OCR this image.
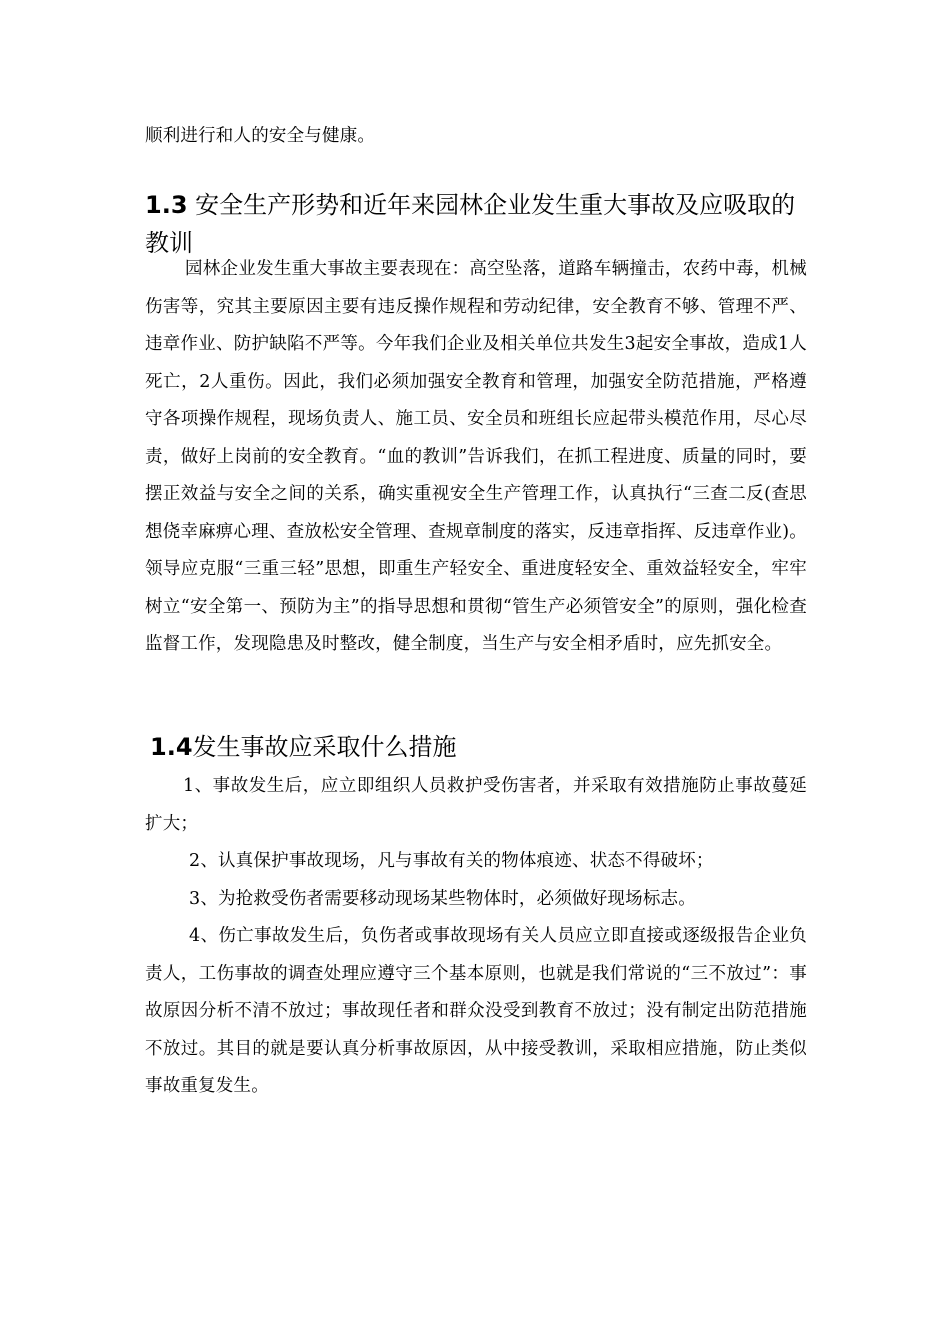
顺利进行和人的安全与健康。

1.3 安全生产形势和近年来园林企业发生重大事故及应吸取的教训

园林企业发生重大事故主要表现在：高空坠落，道路车辆撞击，农药中毒，机械伤害等，究其主要原因主要有违反操作规程和劳动纪律，安全教育不够、管理不严、违章作业、防护缺陷不严等。今年我们企业及相关单位共发生3起安全事故，造成1人死亡，2人重伤。因此，我们必须加强安全教育和管理，加强安全防范措施，严格遵守各项操作规程，现场负责人、施工员、安全员和班组长应起带头模范作用，尽心尽责，做好上岗前的安全教育。“血的教训”告诉我们，在抓工程进度、质量的同时，要摆正效益与安全之间的关系，确实重视安全生产管理工作，认真执行“三查二反(查思想侥幸麻痹心理、查放松安全管理、查规章制度的落实，反违章指挥、反违章作业)。领导应克服“三重三轻”思想，即重生产轻安全、重进度轻安全、重效益轻安全，牢牢树立“安全第一、预防为主”的指导思想和贯彻“管生产必须管安全”的原则，强化检查监督工作，发现隐患及时整改，健全制度，当生产与安全相矛盾时，应先抓安全。

1.4发生事故应采取什么措施

1、事故发生后，应立即组织人员救护受伤害者，并采取有效措施防止事故蔓延扩大；

2、认真保护事故现场，凡与事故有关的物体痕迹、状态不得破坏；

3、为抢救受伤者需要移动现场某些物体时，必须做好现场标志。

4、伤亡事故发生后，负伤者或事故现场有关人员应立即直接或逐级报告企业负责人，工伤事故的调查处理应遵守三个基本原则，也就是我们常说的“三不放过”：事故原因分析不清不放过；事故现任者和群众没受到教育不放过；没有制定出防范措施不放过。其目的就是要认真分析事故原因，从中接受教训，采取相应措施，防止类似事故重复发生。
